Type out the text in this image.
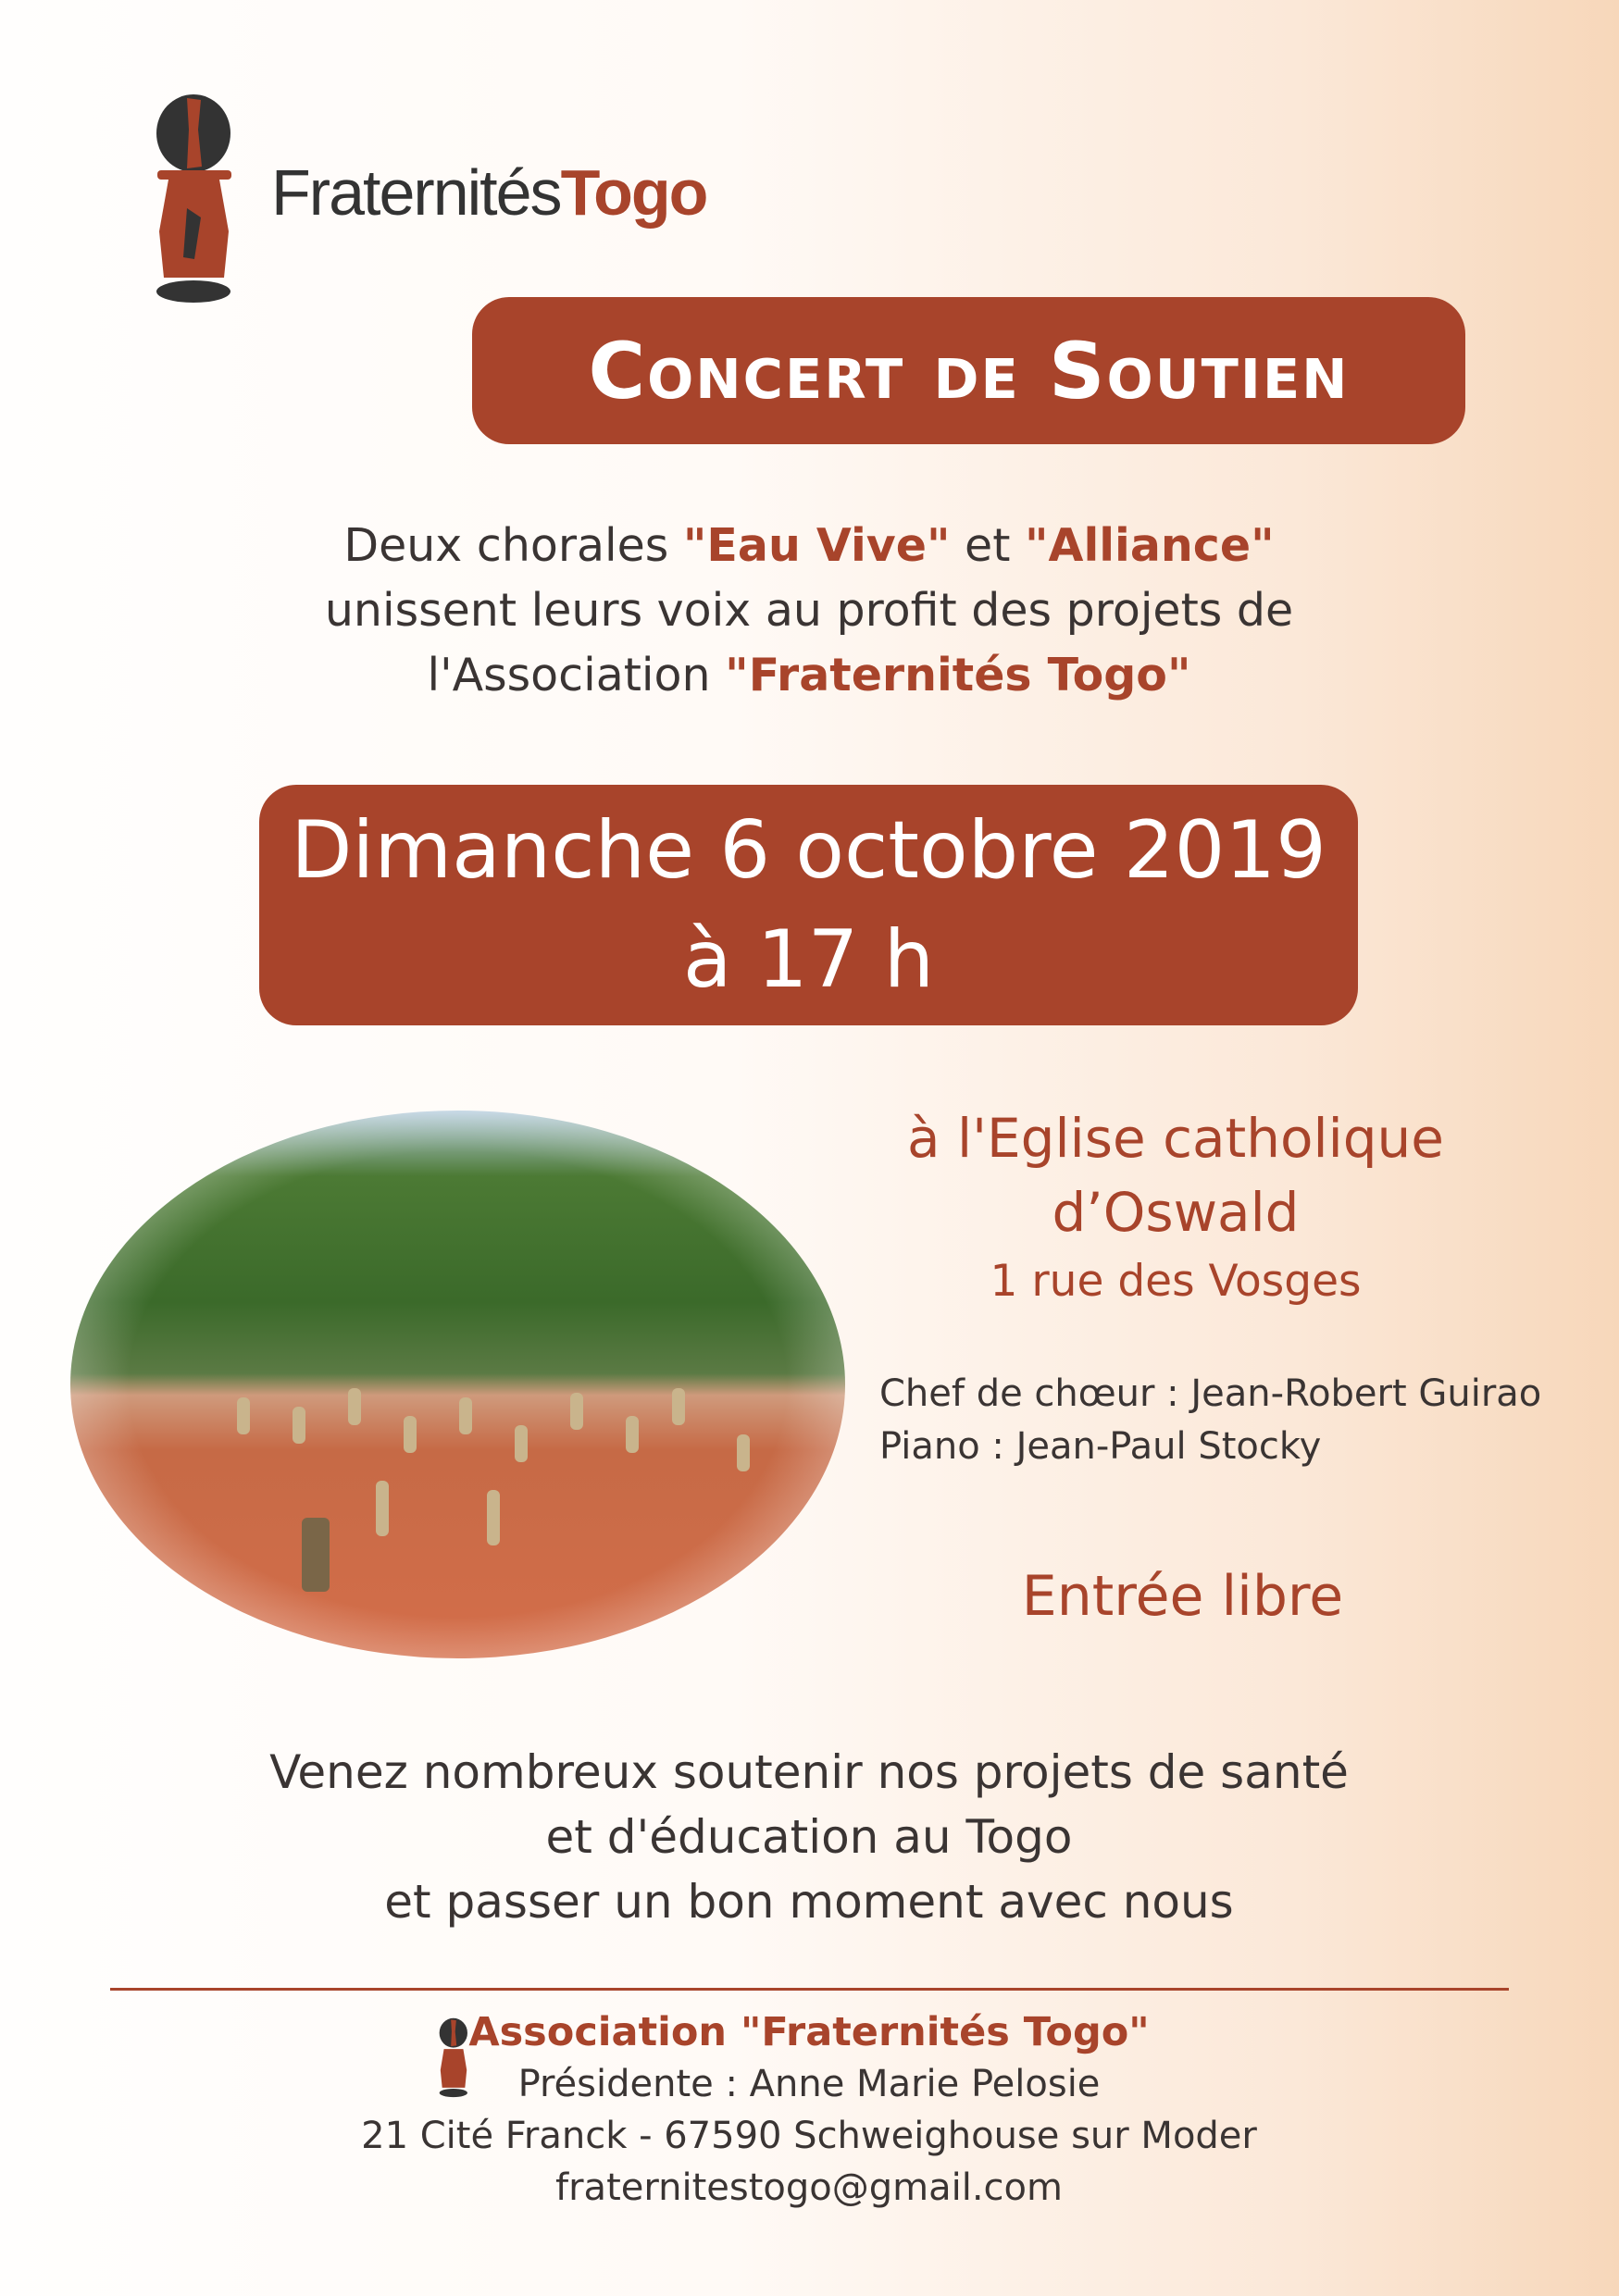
FraternitésTogo
Concert de Soutien
Deux chorales "Eau Vive" et "Alliance"
unissent leurs voix au profit des projets de
l'Association "Fraternités Togo"
Dimanche 6 octobre 2019
à 17 h
à l'Eglise catholique
d’Oswald
1 rue des Vosges
Chef de chœur : Jean-Robert Guirao
Piano : Jean-Paul Stocky
Entrée libre
Venez nombreux soutenir nos projets de santé
et d'éducation au Togo
et passer un bon moment avec nous
Association "Fraternités Togo"
Présidente : Anne Marie Pelosie
21 Cité Franck - 67590 Schweighouse sur Moder
fraternitestogo@gmail.com
